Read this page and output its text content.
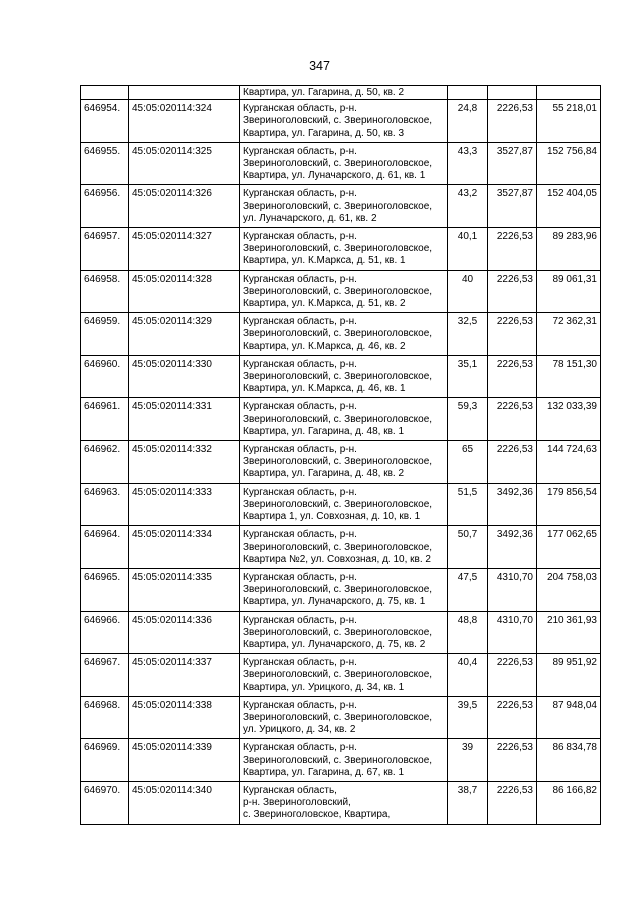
347

		Квартира, ул. Гагарина, д. 50, кв. 2			

646954.	45:05:020114:324	Курганская область, р-н.
Звериноголовский, с. Звериноголовское,
Квартира, ул. Гагарина, д. 50, кв. 3	24,8	2226,53	55 218,01
646955.	45:05:020114:325	Курганская область, р-н.
Звериноголовский, с. Звериноголовское,
Квартира, ул. Луначарского, д. 61, кв. 1	43,3	3527,87	152 756,84
646956.	45:05:020114:326	Курганская область, р-н.
Звериноголовский, с. Звериноголовское,
ул. Луначарского, д. 61, кв. 2	43,2	3527,87	152 404,05
646957.	45:05:020114:327	Курганская область, р-н.
Звериноголовский, с. Звериноголовское,
Квартира, ул. К.Маркса, д. 51, кв. 1	40,1	2226,53	89 283,96
646958.	45:05:020114:328	Курганская область, р-н.
Звериноголовский, с. Звериноголовское,
Квартира, ул. К.Маркса, д. 51, кв. 2	40	2226,53	89 061,31
646959.	45:05:020114:329	Курганская область, р-н.
Звериноголовский, с. Звериноголовское,
Квартира, ул. К.Маркса, д. 46, кв. 2	32,5	2226,53	72 362,31
646960.	45:05:020114:330	Курганская область, р-н.
Звериноголовский, с. Звериноголовское,
Квартира, ул. К.Маркса, д. 46, кв. 1	35,1	2226,53	78 151,30
646961.	45:05:020114:331	Курганская область, р-н.
Звериноголовский, с. Звериноголовское,
Квартира, ул. Гагарина, д. 48, кв. 1	59,3	2226,53	132 033,39
646962.	45:05:020114:332	Курганская область, р-н.
Звериноголовский, с. Звериноголовское,
Квартира, ул. Гагарина, д. 48, кв. 2	65	2226,53	144 724,63
646963.	45:05:020114:333	Курганская область, р-н.
Звериноголовский, с. Звериноголовское,
Квартира 1, ул. Совхозная, д. 10, кв. 1	51,5	3492,36	179 856,54
646964.	45:05:020114:334	Курганская область, р-н.
Звериноголовский, с. Звериноголовское,
Квартира №2, ул. Совхозная, д. 10, кв. 2	50,7	3492,36	177 062,65
646965.	45:05:020114:335	Курганская область, р-н.
Звериноголовский, с. Звериноголовское,
Квартира, ул. Луначарского, д. 75, кв. 1	47,5	4310,70	204 758,03
646966.	45:05:020114:336	Курганская область, р-н.
Звериноголовский, с. Звериноголовское,
Квартира, ул. Луначарского, д. 75, кв. 2	48,8	4310,70	210 361,93
646967.	45:05:020114:337	Курганская область, р-н.
Звериноголовский, с. Звериноголовское,
Квартира, ул. Урицкого, д. 34, кв. 1	40,4	2226,53	89 951,92
646968.	45:05:020114:338	Курганская область, р-н.
Звериноголовский, с. Звериноголовское,
ул. Урицкого, д. 34, кв. 2	39,5	2226,53	87 948,04
646969.	45:05:020114:339	Курганская область, р-н.
Звериноголовский, с. Звериноголовское,
Квартира, ул. Гагарина, д. 67, кв. 1	39	2226,53	86 834,78
646970.	45:05:020114:340	Курганская область,
р-н. Звериноголовский,
с. Звериноголовское, Квартира,	38,7	2226,53	86 166,82
